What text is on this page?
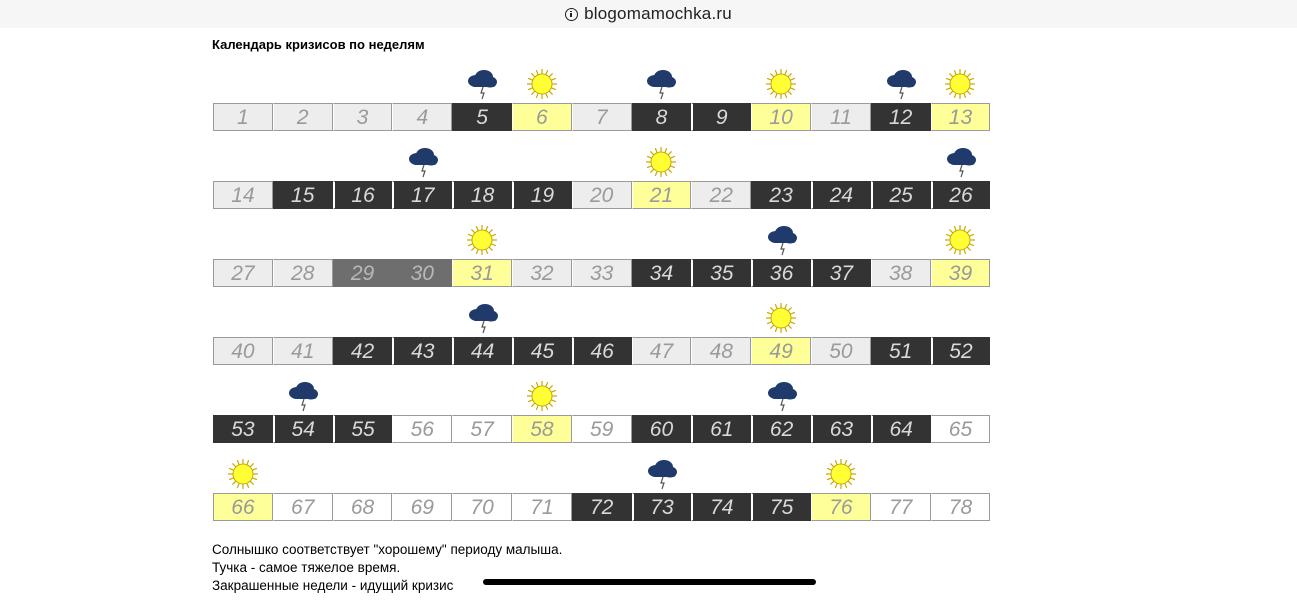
blogomamochka.ru
Календарь кризисов по неделям
1	2	3	4	5	6	7	8	9	10	11	12	13
14	15	16	17	18	19	20	21	22	23	24	25	26
27	28	29	30	31	32	33	34	35	36	37	38	39
40	41	42	43	44	45	46	47	48	49	50	51	52
53	54	55	56	57	58	59	60	61	62	63	64	65
66	67	68	69	70	71	72	73	74	75	76	77	78
Солнышко соответствует "хорошему" периоду малыша.
Тучка - самое тяжелое время.
Закрашенные недели - идущий кризис
